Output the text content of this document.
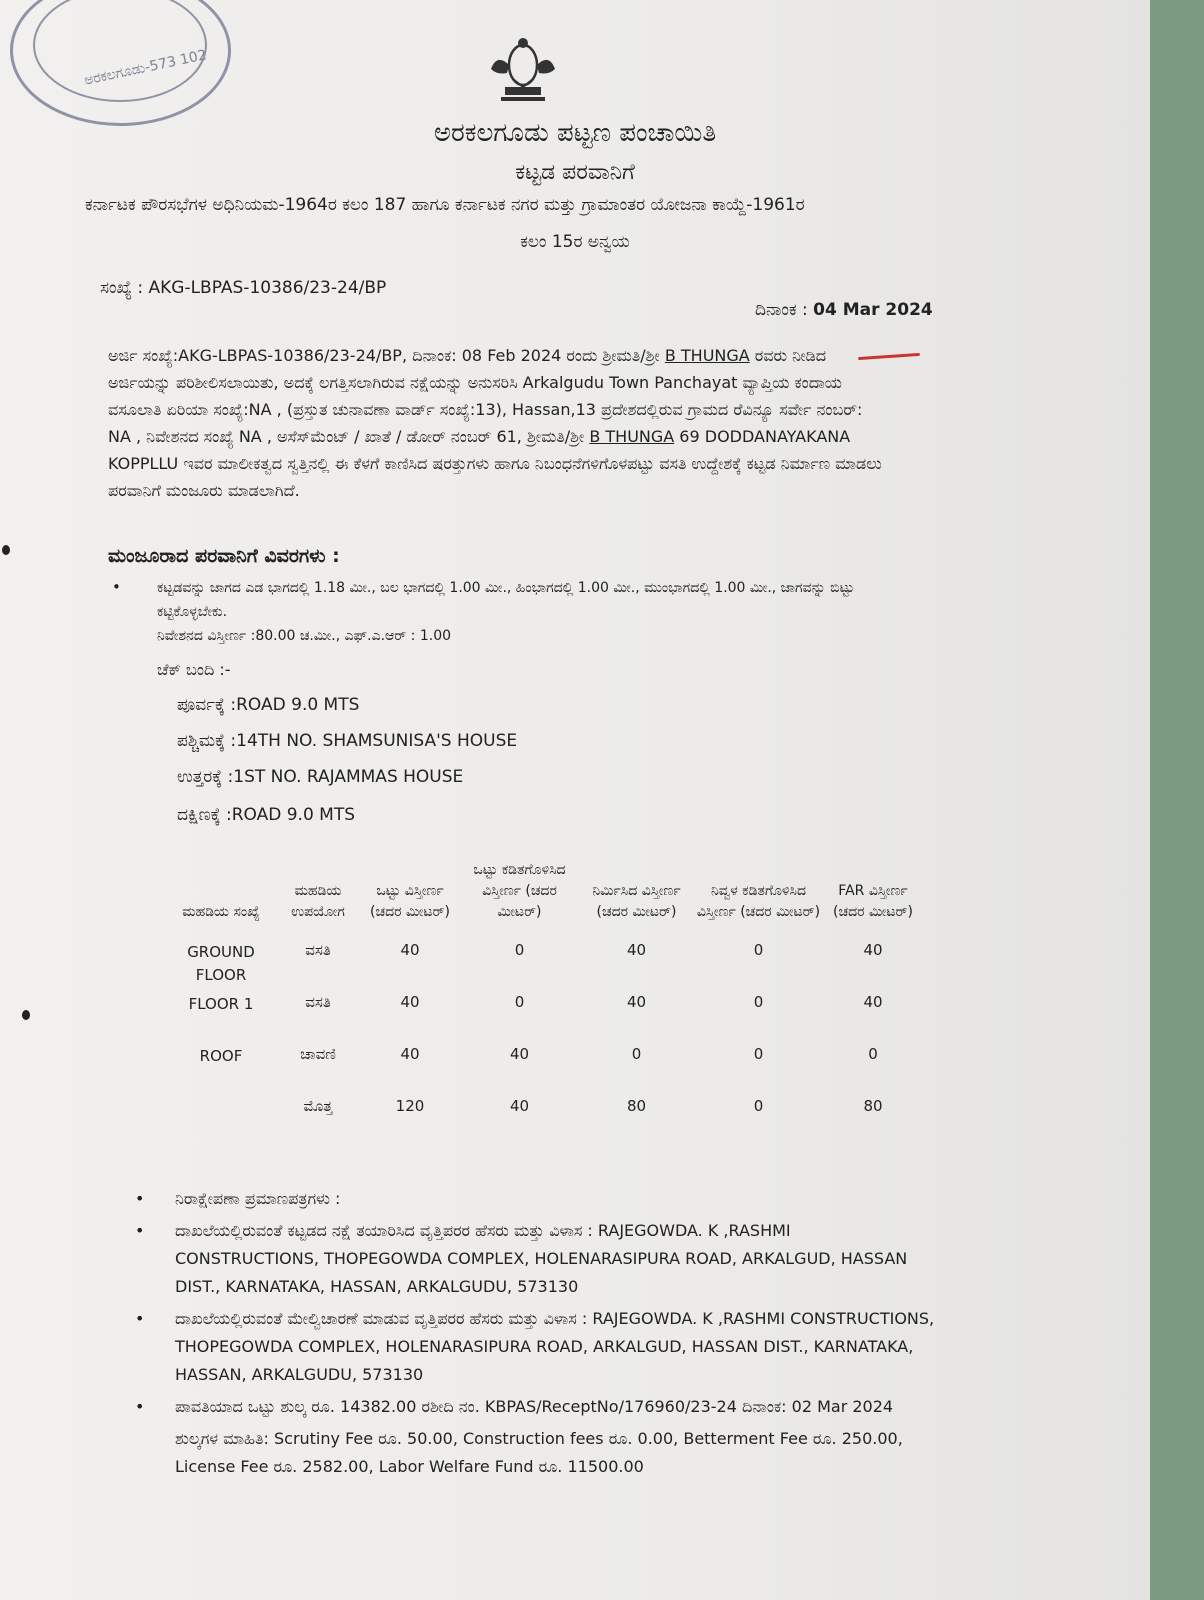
ಅರಕಲಗೂಡು-573 102
ಅರಕಲಗೂಡು ಪಟ್ಟಣ ಪಂಚಾಯಿತಿ
ಕಟ್ಟಡ ಪರವಾನಿಗೆ
ಕರ್ನಾಟಕ ಪೌರಸಭೆಗಳ ಅಧಿನಿಯಮ-1964ರ ಕಲಂ 187 ಹಾಗೂ ಕರ್ನಾಟಕ ನಗರ ಮತ್ತು ಗ್ರಾಮಾಂತರ ಯೋಜನಾ ಕಾಯ್ದೆ-1961ರ
ಕಲಂ 15ರ ಅನ್ವಯ
ಸಂಖ್ಯೆ : AKG-LBPAS-10386/23-24/BP
ದಿನಾಂಕ : 04 Mar 2024
ಅರ್ಜಿ ಸಂಖ್ಯೆ:AKG-LBPAS-10386/23-24/BP, ದಿನಾಂಕ: 08 Feb 2024 ರಂದು ಶ್ರೀಮತಿ/ಶ್ರೀ B THUNGA ರವರು ನೀಡಿದ ಅರ್ಜಿಯನ್ನು ಪರಿಶೀಲಿಸಲಾಯಿತು, ಅದಕ್ಕೆ ಲಗತ್ತಿಸಲಾಗಿರುವ ನಕ್ಷೆಯನ್ನು ಅನುಸರಿಸಿ Arkalgudu Town Panchayat ವ್ಯಾಪ್ತಿಯ ಕಂದಾಯ ವಸೂಲಾತಿ ಏರಿಯಾ ಸಂಖ್ಯೆ:NA , (ಪ್ರಸ್ತುತ ಚುನಾವಣಾ ವಾರ್ಡ್ ಸಂಖ್ಯೆ:13), Hassan,13 ಪ್ರದೇಶದಲ್ಲಿರುವ ಗ್ರಾಮದ ರೆವಿನ್ಯೂ ಸರ್ವೇ ನಂಬರ್: NA , ನಿವೇಶನದ ಸಂಖ್ಯೆ NA , ಅಸೆಸ್‌ಮೆಂಟ್ / ಖಾತೆ / ಡೋರ್ ನಂಬರ್ 61, ಶ್ರೀಮತಿ/ಶ್ರೀ B THUNGA 69 DODDANAYAKANA KOPPLLU ಇವರ ಮಾಲೀಕತ್ವದ ಸ್ವತ್ತಿನಲ್ಲಿ ಈ ಕೆಳಗೆ ಕಾಣಿಸಿದ ಷರತ್ತುಗಳು ಹಾಗೂ ನಿಬಂಧನೆಗಳಿಗೊಳಪಟ್ಟು ವಸತಿ ಉದ್ದೇಶಕ್ಕೆ ಕಟ್ಟಡ ನಿರ್ಮಾಣ ಮಾಡಲು ಪರವಾನಿಗೆ ಮಂಜೂರು ಮಾಡಲಾಗಿದೆ.
ಮಂಜೂರಾದ ಪರವಾನಿಗೆ ವಿವರಗಳು :
•	ಕಟ್ಟಡವನ್ನು ಜಾಗದ ಎಡ ಭಾಗದಲ್ಲಿ 1.18 ಮೀ., ಬಲ ಭಾಗದಲ್ಲಿ 1.00 ಮೀ., ಹಿಂಭಾಗದಲ್ಲಿ 1.00 ಮೀ., ಮುಂಭಾಗದಲ್ಲಿ 1.00 ಮೀ., ಜಾಗವನ್ನು ಬಿಟ್ಟು ಕಟ್ಟಿಕೊಳ್ಳಬೇಕು.
ನಿವೇಶನದ ವಿಸ್ತೀರ್ಣ :80.00 ಚ.ಮೀ., ಎಫ್.ಎ.ಆರ್ : 1.00
ಚೆಕ್ ಬಂದಿ :-
ಪೂರ್ವಕ್ಕೆ :ROAD 9.0 MTS
ಪಶ್ಚಿಮಕ್ಕೆ :14TH NO. SHAMSUNISA'S HOUSE
ಉತ್ತರಕ್ಕೆ :1ST NO. RAJAMMAS HOUSE
ದಕ್ಷಿಣಕ್ಕೆ :ROAD 9.0 MTS
ಮಹಡಿಯ ಸಂಖ್ಯೆ	ಮಹಡಿಯ ಉಪಯೋಗ	ಒಟ್ಟು ವಿಸ್ತೀರ್ಣ (ಚದರ ಮೀಟರ್)	ಒಟ್ಟು ಕಡಿತಗೊಳಿಸಿದ ವಿಸ್ತೀರ್ಣ (ಚದರ ಮೀಟರ್)	ನಿರ್ಮಿಸಿದ ವಿಸ್ತೀರ್ಣ (ಚದರ ಮೀಟರ್)	ನಿವ್ವಳ ಕಡಿತಗೊಳಿಸಿದ ವಿಸ್ತೀರ್ಣ (ಚದರ ಮೀಟರ್)	FAR ವಿಸ್ತೀರ್ಣ (ಚದರ ಮೀಟರ್)
GROUND FLOOR	ವಸತಿ	40	0	40	0	40
FLOOR 1	ವಸತಿ	40	0	40	0	40
ROOF	ಚಾವಣಿ	40	40	0	0	0
	ಮೊತ್ತ	120	40	80	0	80
• ನಿರಾಕ್ಷೇಪಣಾ ಪ್ರಮಾಣಪತ್ರಗಳು :
• ದಾಖಲೆಯಲ್ಲಿರುವಂತೆ ಕಟ್ಟಡದ ನಕ್ಷೆ ತಯಾರಿಸಿದ ವೃತ್ತಿಪರರ ಹೆಸರು ಮತ್ತು ವಿಳಾಸ : RAJEGOWDA. K ,RASHMI CONSTRUCTIONS, THOPEGOWDA COMPLEX, HOLENARASIPURA ROAD, ARKALGUD, HASSAN DIST., KARNATAKA, HASSAN, ARKALGUDU, 573130
• ದಾಖಲೆಯಲ್ಲಿರುವಂತೆ ಮೇಲ್ವಿಚಾರಣೆ ಮಾಡುವ ವೃತ್ತಿಪರರ ಹೆಸರು ಮತ್ತು ವಿಳಾಸ : RAJEGOWDA. K ,RASHMI CONSTRUCTIONS, THOPEGOWDA COMPLEX, HOLENARASIPURA ROAD, ARKALGUD, HASSAN DIST., KARNATAKA, HASSAN, ARKALGUDU, 573130
• ಪಾವತಿಯಾದ ಒಟ್ಟು ಶುಲ್ಕ ರೂ. 14382.00 ರಶೀದಿ ನಂ. KBPAS/ReceptNo/176960/23-24 ದಿನಾಂಕ: 02 Mar 2024
ಶುಲ್ಕಗಳ ಮಾಹಿತಿ: Scrutiny Fee ರೂ. 50.00, Construction fees ರೂ. 0.00, Betterment Fee ರೂ. 250.00, License Fee ರೂ. 2582.00, Labor Welfare Fund ರೂ. 11500.00
